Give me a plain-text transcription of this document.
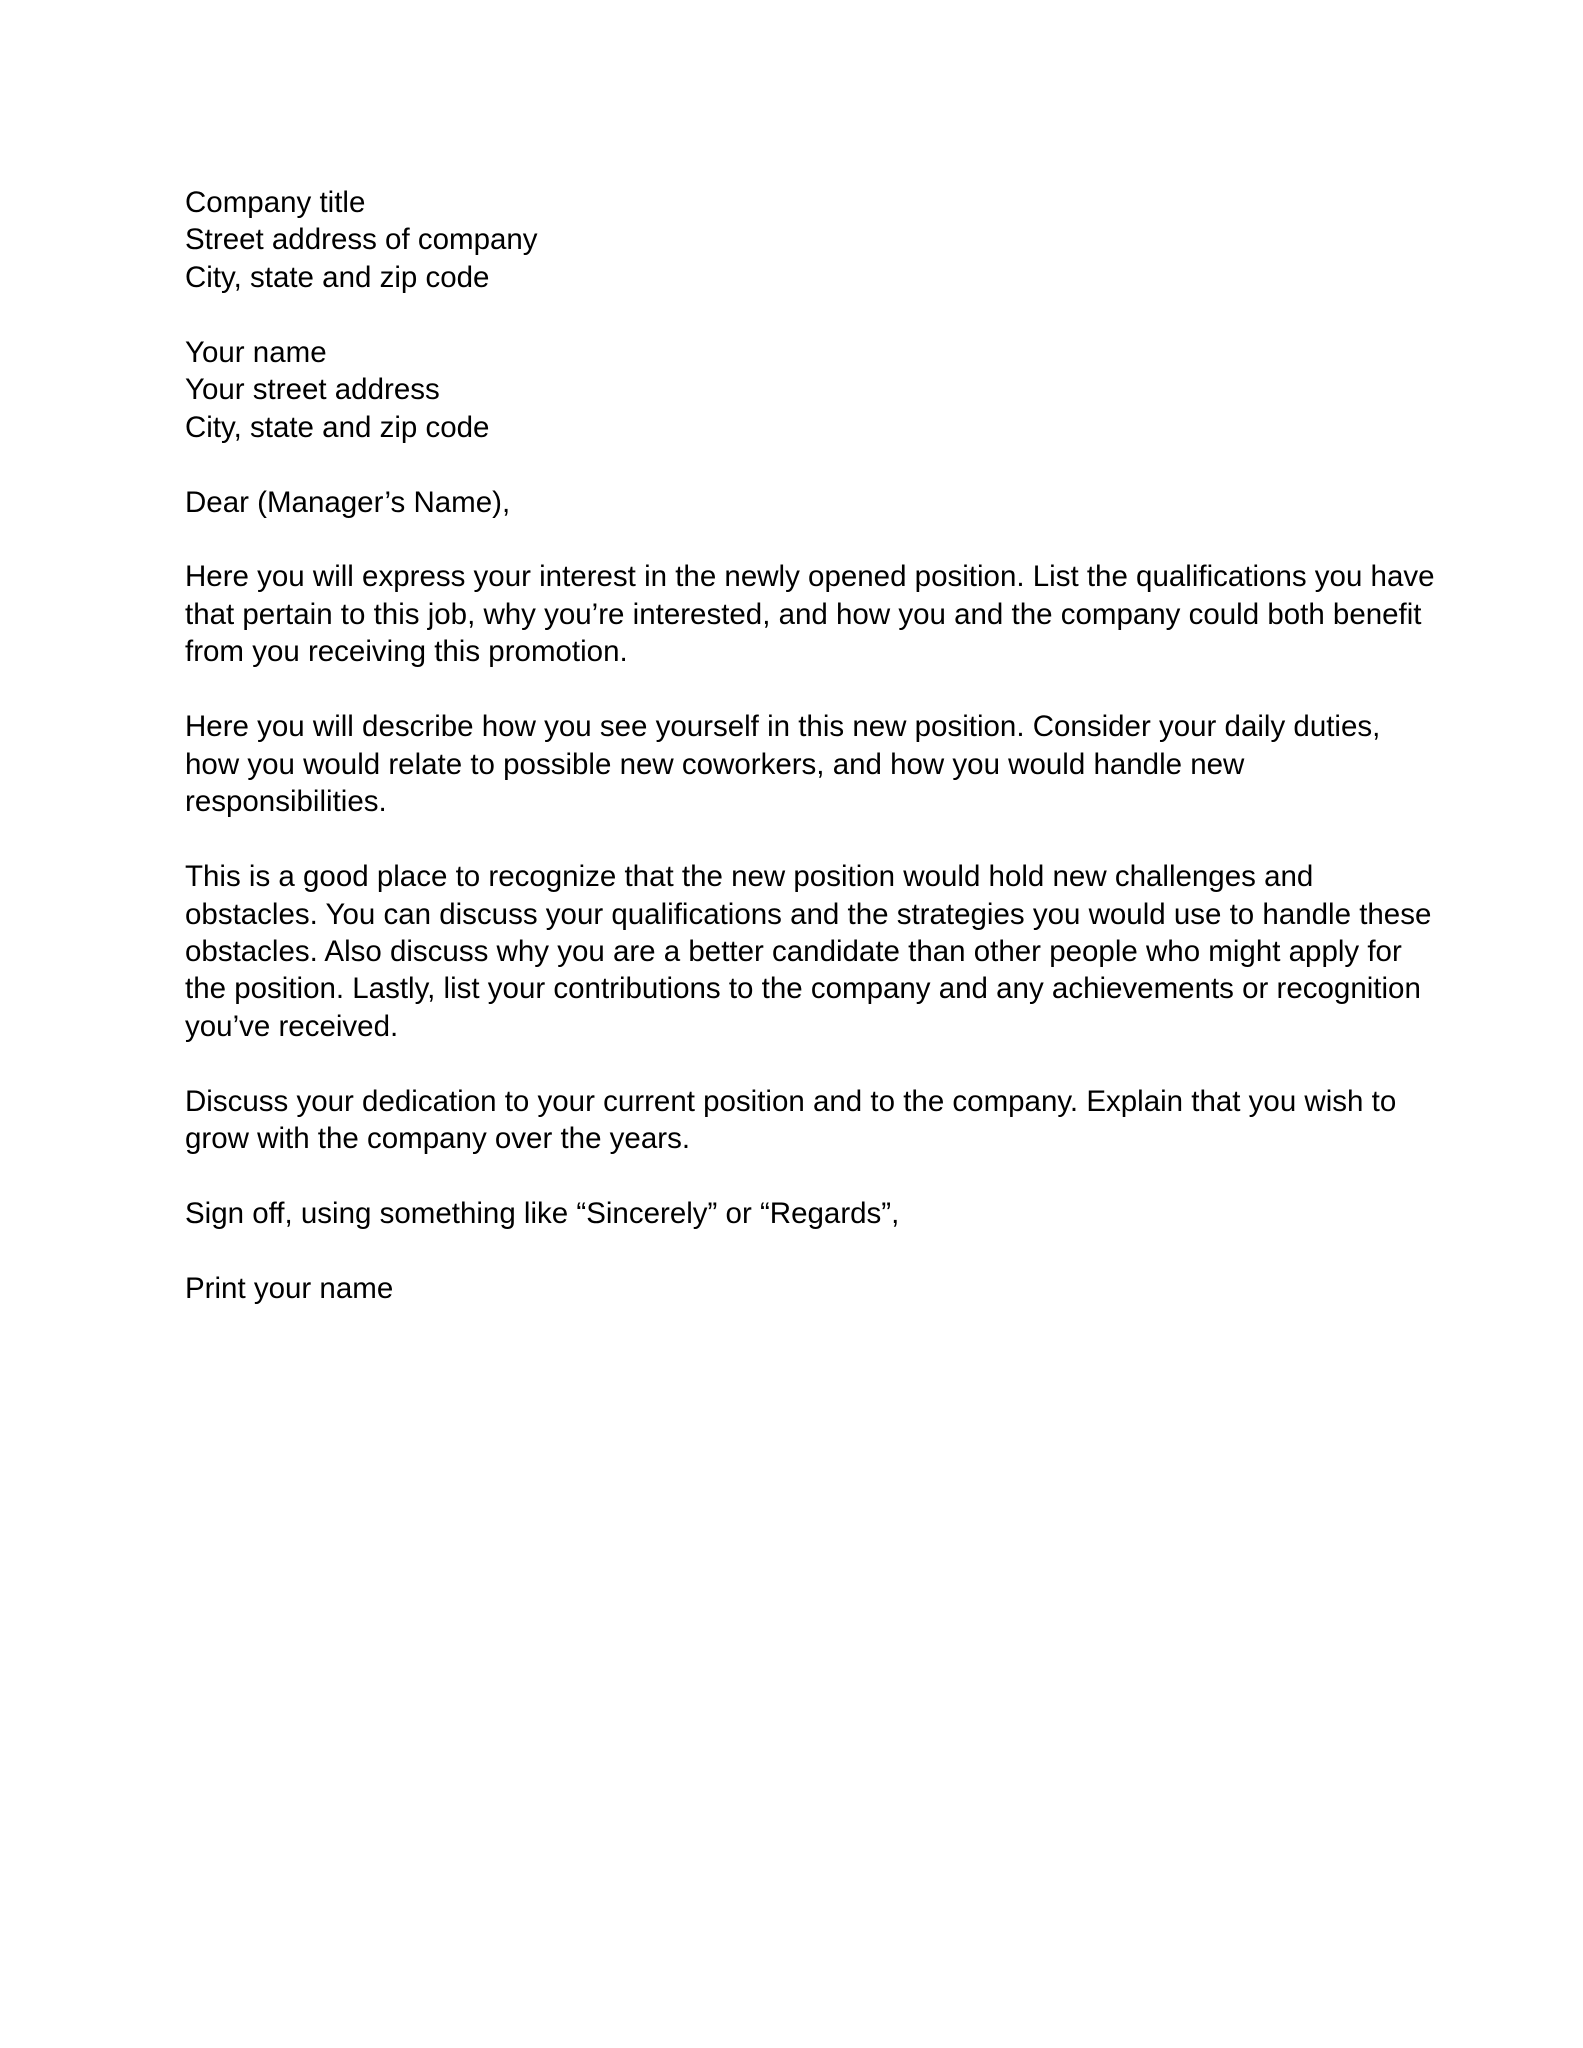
Company title
Street address of company
City, state and zip code
Your name
Your street address
City, state and zip code
Dear (Manager’s Name),
Here you will express your interest in the newly opened position. List the qualifications you have
that pertain to this job, why you’re interested, and how you and the company could both benefit
from you receiving this promotion.
Here you will describe how you see yourself in this new position. Consider your daily duties,
how you would relate to possible new coworkers, and how you would handle new
responsibilities.
This is a good place to recognize that the new position would hold new challenges and
obstacles. You can discuss your qualifications and the strategies you would use to handle these
obstacles. Also discuss why you are a better candidate than other people who might apply for
the position. Lastly, list your contributions to the company and any achievements or recognition
you’ve received.
Discuss your dedication to your current position and to the company. Explain that you wish to
grow with the company over the years.
Sign off, using something like “Sincerely” or “Regards”,
Print your name
